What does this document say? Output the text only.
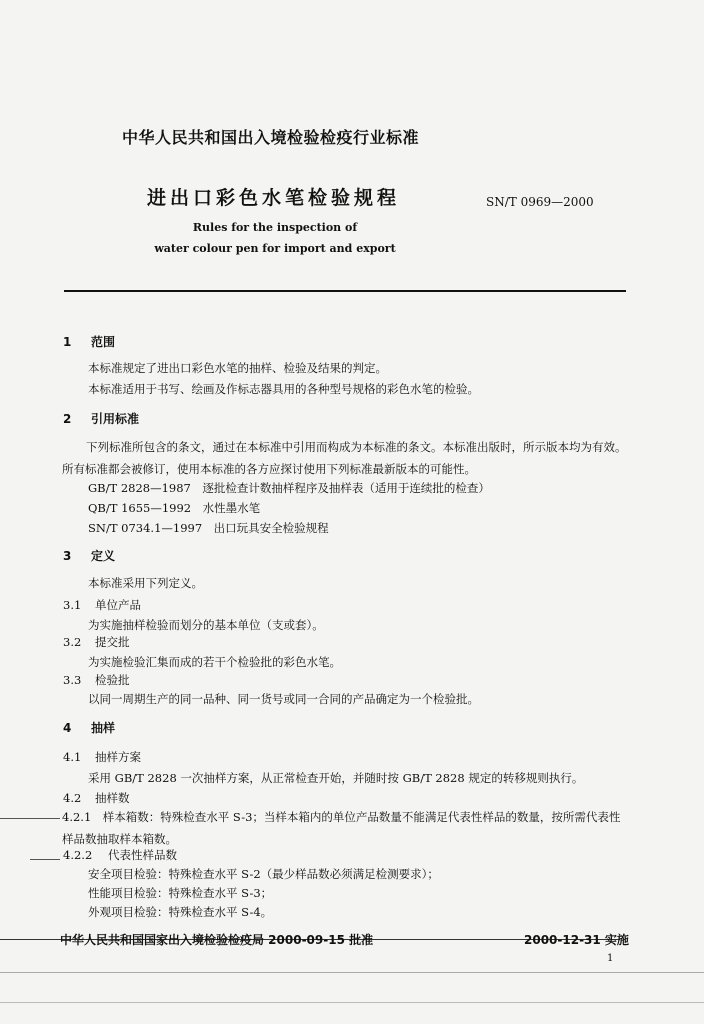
中华人民共和国出入境检验检疫行业标准
进出口彩色水笔检验规程	SN/T 0969—2000
Rules for the inspection of
water colour pen for import and export
1 范围
本标准规定了进出口彩色水笔的抽样、检验及结果的判定。
本标准适用于书写、绘画及作标志器具用的各种型号规格的彩色水笔的检验。
2 引用标准
下列标准所包含的条文，通过在本标准中引用而构成为本标准的条文。本标准出版时，所示版本均为有效。所有标准都会被修订，使用本标准的各方应探讨使用下列标准最新版本的可能性。
GB/T 2828—1987　逐批检查计数抽样程序及抽样表（适用于连续批的检查）
QB/T 1655—1992　水性墨水笔
SN/T 0734.1—1997　出口玩具安全检验规程
3 定义
本标准采用下列定义。
3.1 单位产品
为实施抽样检验而划分的基本单位（支或套）。
3.2 提交批
为实施检验汇集而成的若干个检验批的彩色水笔。
3.3 检验批
以同一周期生产的同一品种、同一货号或同一合同的产品确定为一个检验批。
4 抽样
4.1 抽样方案
采用 GB/T 2828 一次抽样方案，从正常检查开始，并随时按 GB/T 2828 规定的转移规则执行。
4.2 抽样数
4.2.1　样本箱数：特殊检查水平 S-3；当样本箱内的单位产品数量不能满足代表性样品的数量，按所需代表性样品数抽取样本箱数。
4.2.2 代表性样品数
安全项目检验：特殊检查水平 S-2（最少样品数必须满足检测要求）；
性能项目检验：特殊检查水平 S-3；
外观项目检验：特殊检查水平 S-4。
中华人民共和国国家出入境检验检疫局 2000-09-15 批准	2000-12-31 实施
1
